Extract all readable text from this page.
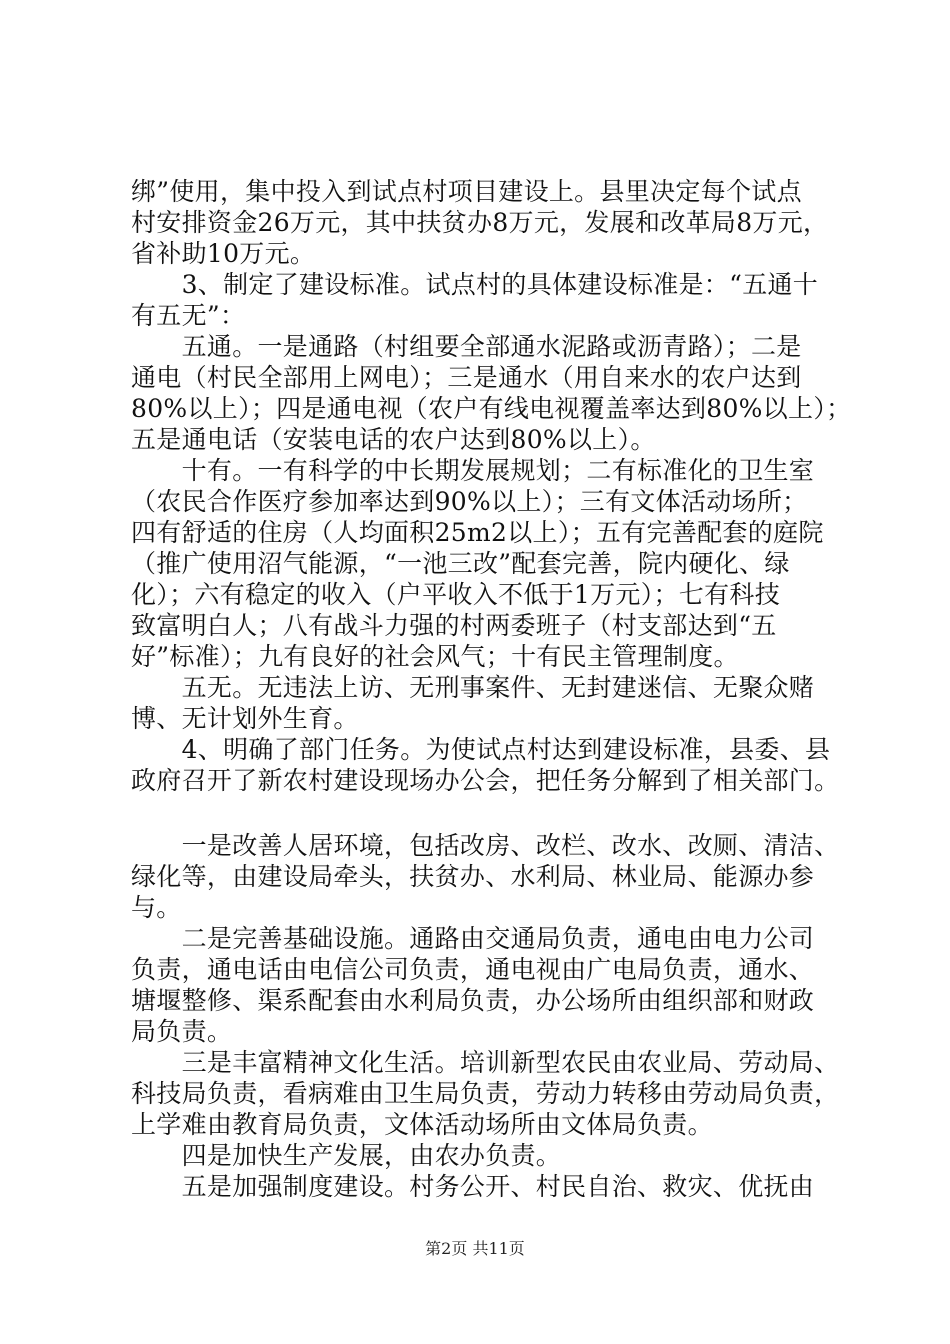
绑”使用，集中投入到试点村项目建设上。县里决定每个试点
村安排资金26万元，其中扶贫办8万元，发展和改革局8万元，
省补助10万元。
　　3、制定了建设标准。试点村的具体建设标准是：“五通十
有五无”：
　　五通。一是通路（村组要全部通水泥路或沥青路）；二是
通电（村民全部用上网电）；三是通水（用自来水的农户达到
80%以上）；四是通电视（农户有线电视覆盖率达到80%以上）；
五是通电话（安装电话的农户达到80%以上）。
　　十有。一有科学的中长期发展规划；二有标准化的卫生室
（农民合作医疗参加率达到90%以上）；三有文体活动场所；
四有舒适的住房（人均面积25m2以上）；五有完善配套的庭院
（推广使用沼气能源，“一池三改”配套完善，院内硬化、绿
化）；六有稳定的收入（户平收入不低于1万元）；七有科技
致富明白人；八有战斗力强的村两委班子（村支部达到“五
好”标准）；九有良好的社会风气；十有民主管理制度。
　　五无。无违法上访、无刑事案件、无封建迷信、无聚众赌
博、无计划外生育。
　　4、明确了部门任务。为使试点村达到建设标准，县委、县
政府召开了新农村建设现场办公会，把任务分解到了相关部门。
　　一是改善人居环境，包括改房、改栏、改水、改厕、清洁、
绿化等，由建设局牵头，扶贫办、水利局、林业局、能源办参
与。
　　二是完善基础设施。通路由交通局负责，通电由电力公司
负责，通电话由电信公司负责，通电视由广电局负责，通水、
塘堰整修、渠系配套由水利局负责，办公场所由组织部和财政
局负责。
　　三是丰富精神文化生活。培训新型农民由农业局、劳动局、
科技局负责，看病难由卫生局负责，劳动力转移由劳动局负责，
上学难由教育局负责，文体活动场所由文体局负责。
　　四是加快生产发展，由农办负责。
　　五是加强制度建设。村务公开、村民自治、救灾、优抚由
第2页 共11页
